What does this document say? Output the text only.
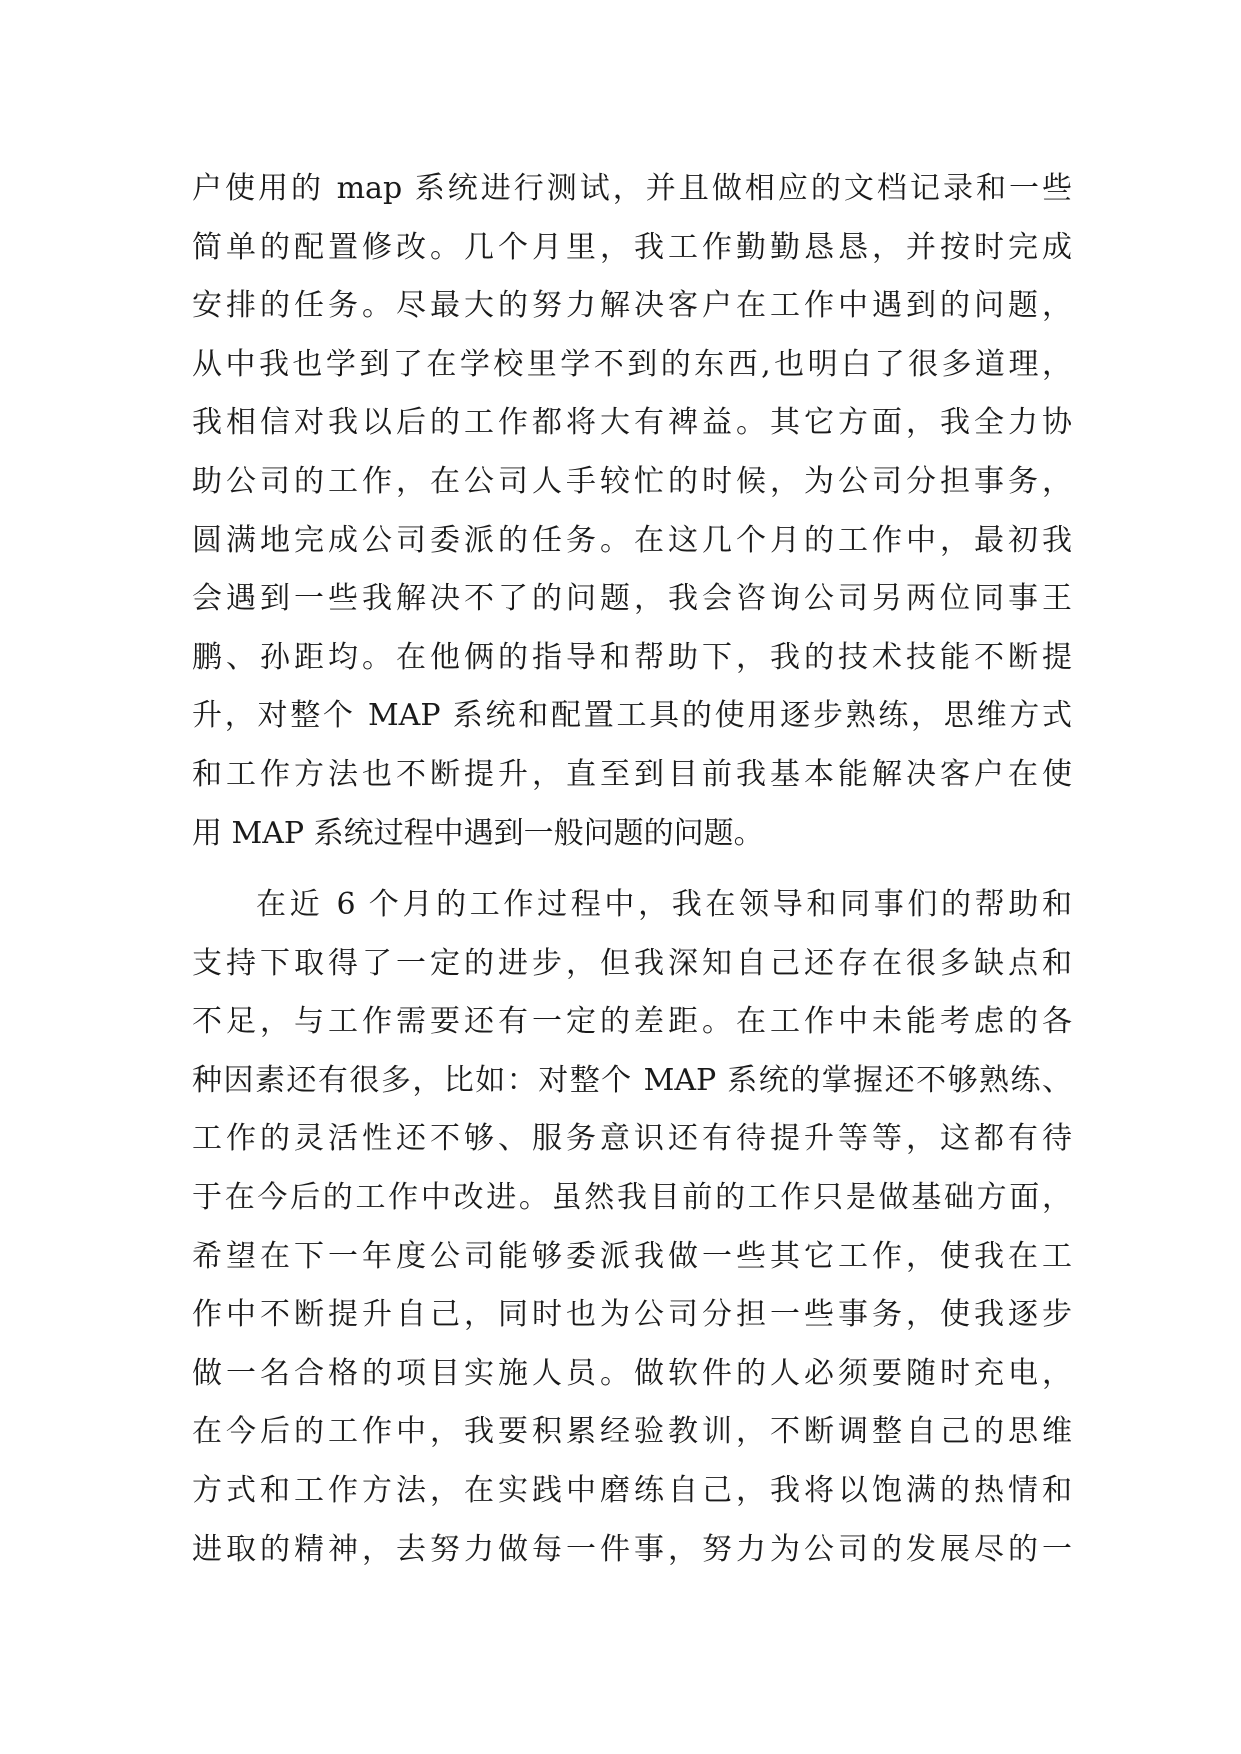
户使用的 map 系统进行测试，并且做相应的文档记录和一些
简单的配置修改。几个月里，我工作勤勤恳恳，并按时完成
安排的任务。尽最大的努力解决客户在工作中遇到的问题，
从中我也学到了在学校里学不到的东西,也明白了很多道理，
我相信对我以后的工作都将大有裨益。其它方面，我全力协
助公司的工作，在公司人手较忙的时候，为公司分担事务，
圆满地完成公司委派的任务。在这几个月的工作中，最初我
会遇到一些我解决不了的问题，我会咨询公司另两位同事王
鹏、孙距均。在他俩的指导和帮助下，我的技术技能不断提
升，对整个 MAP 系统和配置工具的使用逐步熟练，思维方式
和工作方法也不断提升，直至到目前我基本能解决客户在使
用 MAP 系统过程中遇到一般问题的问题。
在近 6 个月的工作过程中，我在领导和同事们的帮助和
支持下取得了一定的进步，但我深知自己还存在很多缺点和
不足，与工作需要还有一定的差距。在工作中未能考虑的各
种因素还有很多，比如：对整个 MAP 系统的掌握还不够熟练、
工作的灵活性还不够、服务意识还有待提升等等，这都有待
于在今后的工作中改进。虽然我目前的工作只是做基础方面，
希望在下一年度公司能够委派我做一些其它工作，使我在工
作中不断提升自己，同时也为公司分担一些事务，使我逐步
做一名合格的项目实施人员。做软件的人必须要随时充电，
在今后的工作中，我要积累经验教训，不断调整自己的思维
方式和工作方法，在实践中磨练自己，我将以饱满的热情和
进取的精神，去努力做每一件事，努力为公司的发展尽的一
